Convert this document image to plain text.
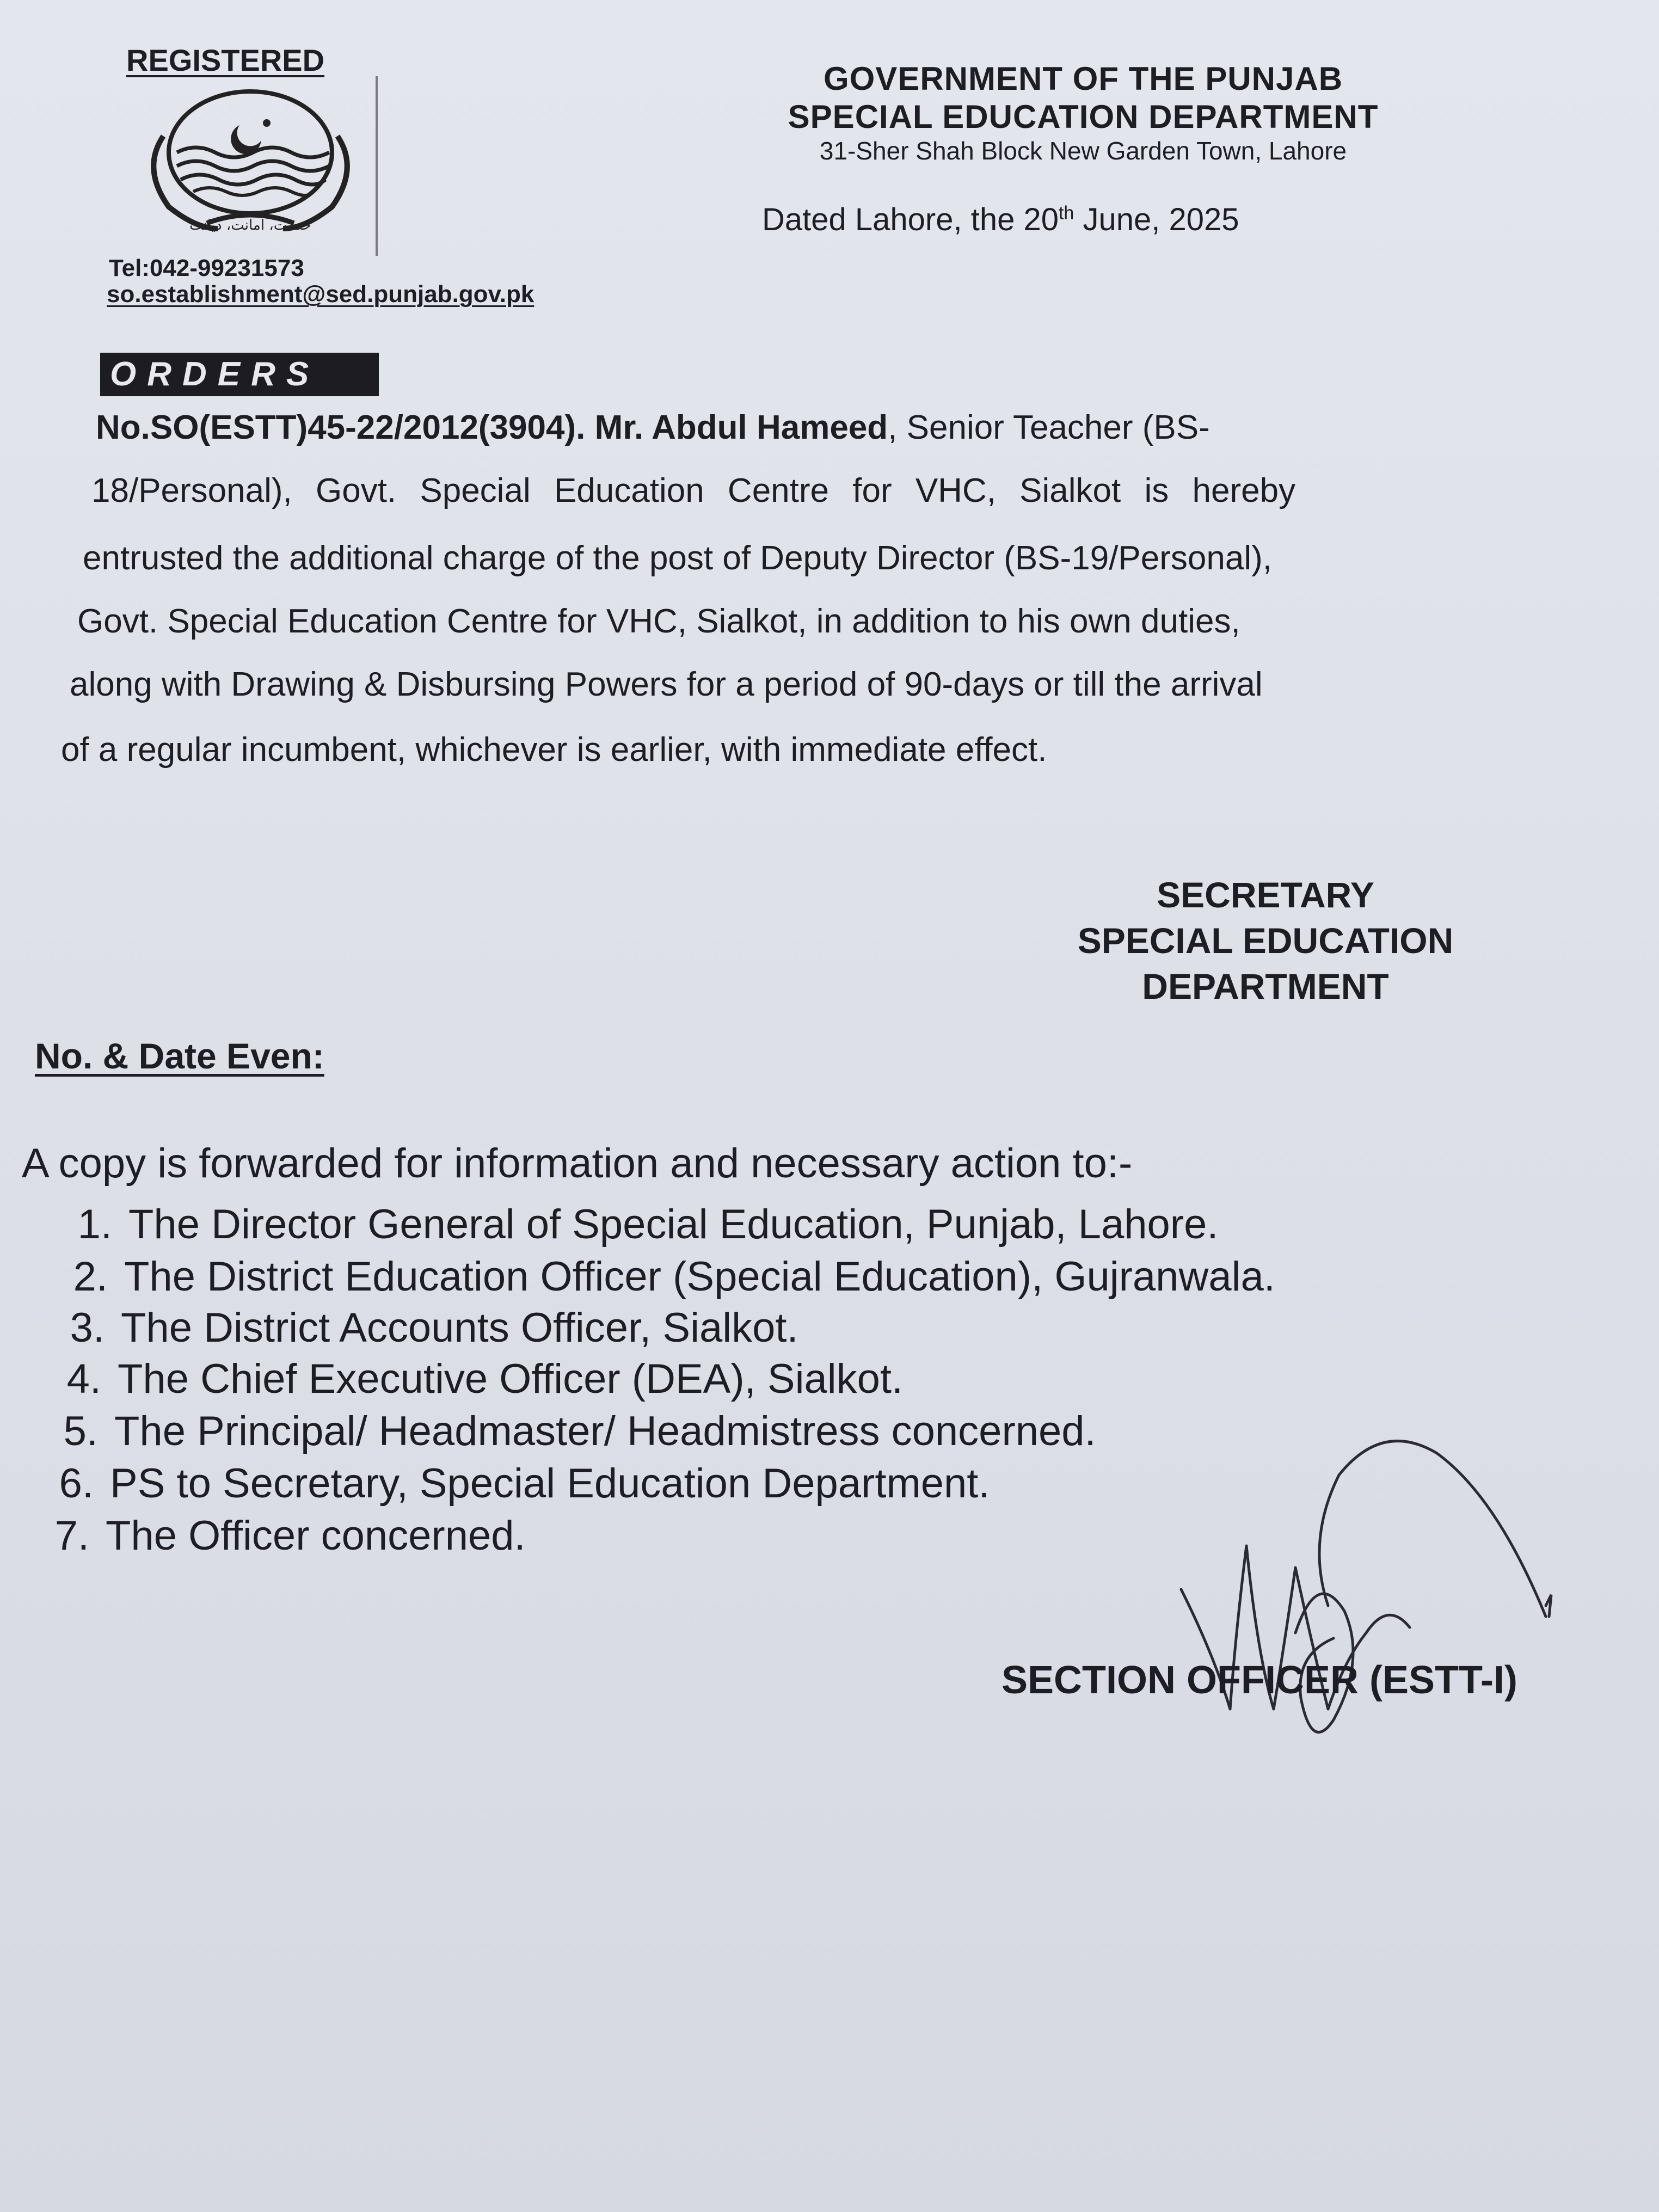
REGISTERED
خدمت، امانت، دیانت
Tel:042-99231573
so.establishment@sed.punjab.gov.pk
GOVERNMENT OF THE PUNJAB
SPECIAL EDUCATION DEPARTMENT
31-Sher Shah Block New Garden Town, Lahore
Dated Lahore, the 20th June, 2025
ORDERS
No.SO(ESTT)45-22/2012(3904). Mr. Abdul Hameed, Senior Teacher (BS-
18/Personal), Govt. Special Education Centre for VHC, Sialkot is hereby
entrusted the additional charge of the post of Deputy Director (BS-19/Personal),
Govt. Special Education Centre for VHC, Sialkot, in addition to his own duties,
along with Drawing & Disbursing Powers for a period of 90-days or till the arrival
of a regular incumbent, whichever is earlier, with immediate effect.
SECRETARY
SPECIAL EDUCATION
DEPARTMENT
No. & Date Even:
A copy is forwarded for information and necessary action to:-
1. The Director General of Special Education, Punjab, Lahore.
2. The District Education Officer (Special Education), Gujranwala.
3. The District Accounts Officer, Sialkot.
4. The Chief Executive Officer (DEA), Sialkot.
5. The Principal/ Headmaster/ Headmistress concerned.
6. PS to Secretary, Special Education Department.
7. The Officer concerned.
SECTION OFFICER (ESTT-I)
